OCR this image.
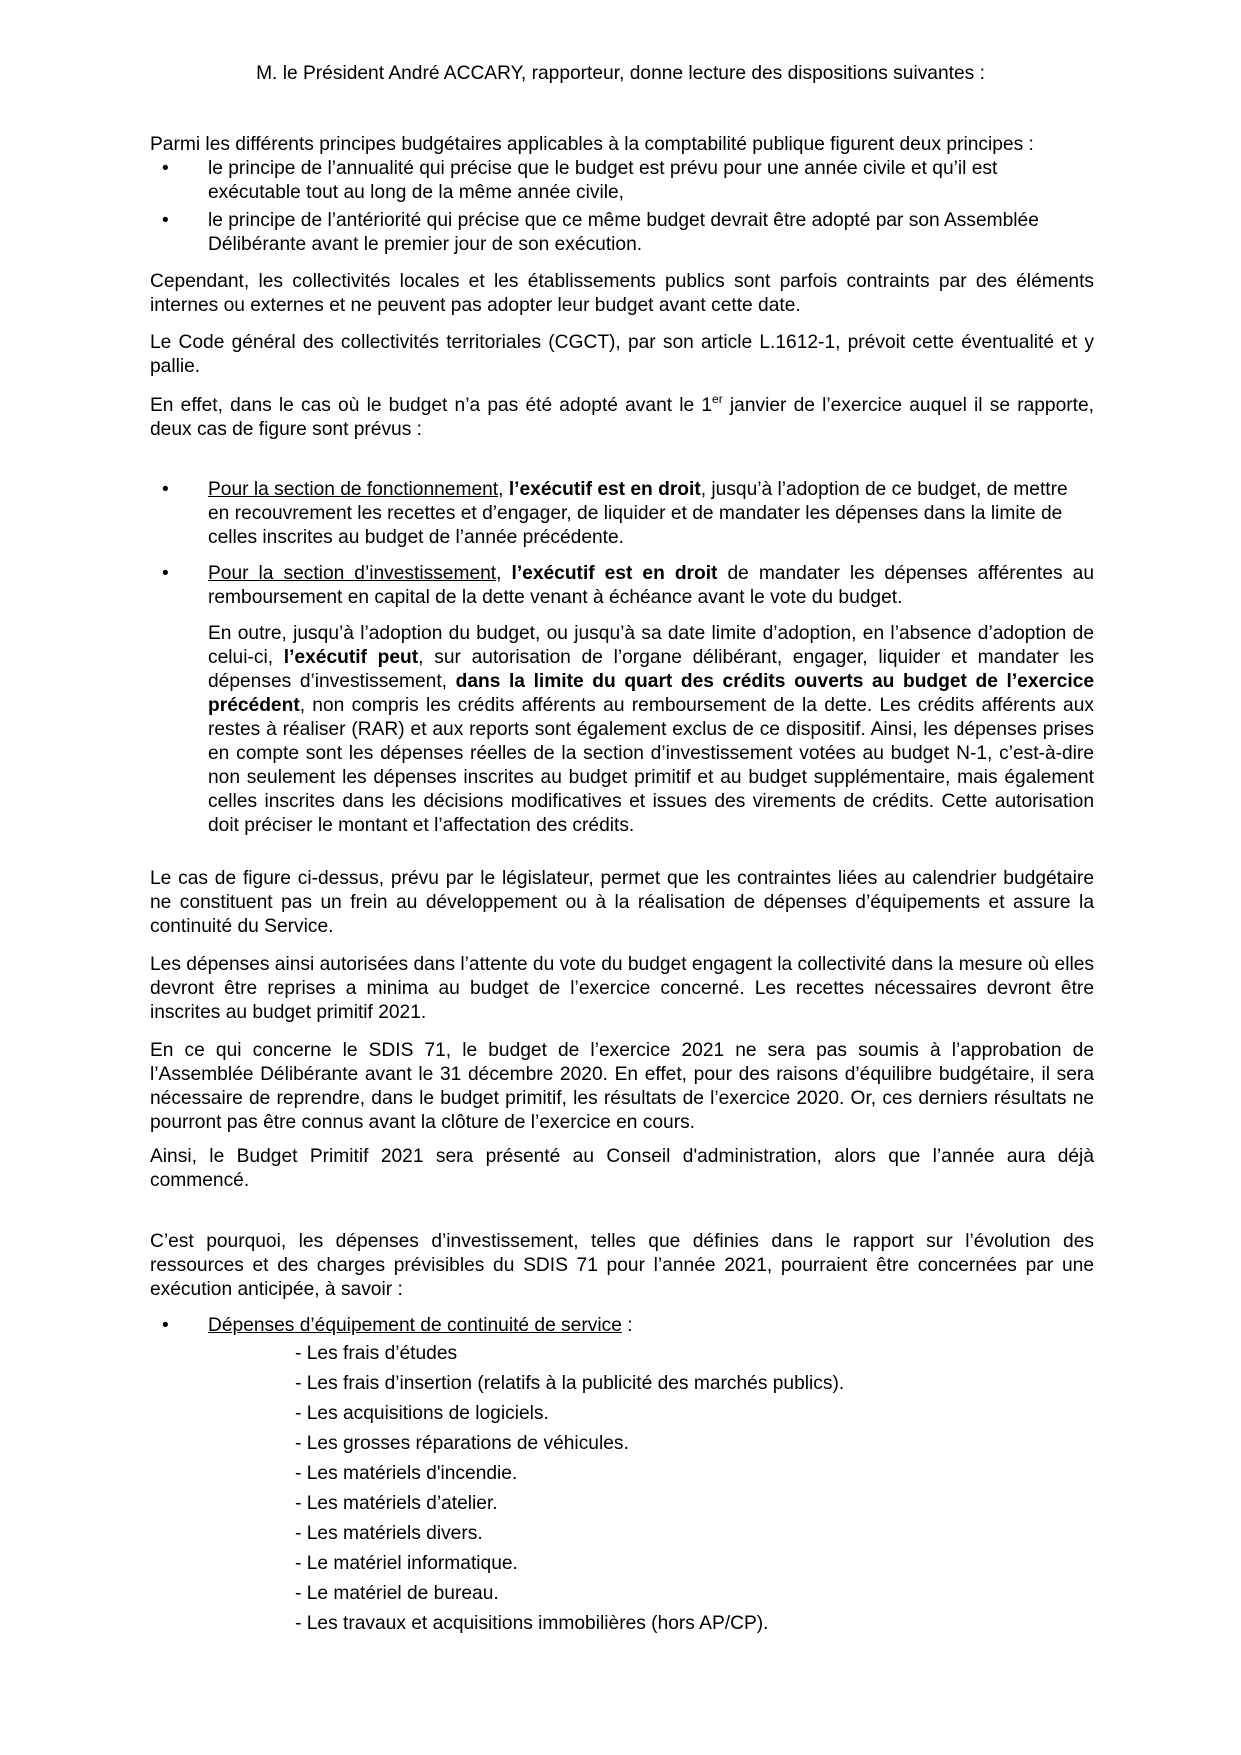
M. le Président André ACCARY, rapporteur, donne lecture des dispositions suivantes :

Parmi les différents principes budgétaires applicables à la comptabilité publique figurent deux principes :

• le principe de l’annualité qui précise que le budget est prévu pour une année civile et qu’il est exécutable tout au long de la même année civile,

• le principe de l’antériorité qui précise que ce même budget devrait être adopté par son Assemblée Délibérante avant le premier jour de son exécution.

Cependant, les collectivités locales et les établissements publics sont parfois contraints par des éléments internes ou externes et ne peuvent pas adopter leur budget avant cette date.

Le Code général des collectivités territoriales (CGCT), par son article L.1612-1, prévoit cette éventualité et y pallie.

En effet, dans le cas où le budget n’a pas été adopté avant le 1er janvier de l’exercice auquel il se rapporte, deux cas de figure sont prévus :

• Pour la section de fonctionnement, l’exécutif est en droit, jusqu’à l’adoption de ce budget, de mettre en recouvrement les recettes et d’engager, de liquider et de mandater les dépenses dans la limite de celles inscrites au budget de l’année précédente.

• Pour la section d’investissement, l’exécutif est en droit de mandater les dépenses afférentes au remboursement en capital de la dette venant à échéance avant le vote du budget.

En outre, jusqu’à l’adoption du budget, ou jusqu’à sa date limite d’adoption, en l’absence d’adoption de celui-ci, l’exécutif peut, sur autorisation de l’organe délibérant, engager, liquider et mandater les dépenses d’investissement, dans la limite du quart des crédits ouverts au budget de l’exercice précédent, non compris les crédits afférents au remboursement de la dette. Les crédits afférents aux restes à réaliser (RAR) et aux reports sont également exclus de ce dispositif. Ainsi, les dépenses prises en compte sont les dépenses réelles de la section d’investissement votées au budget N-1, c’est-à-dire non seulement les dépenses inscrites au budget primitif et au budget supplémentaire, mais également celles inscrites dans les décisions modificatives et issues des virements de crédits. Cette autorisation doit préciser le montant et l’affectation des crédits.

Le cas de figure ci-dessus, prévu par le législateur, permet que les contraintes liées au calendrier budgétaire ne constituent pas un frein au développement ou à la réalisation de dépenses d’équipements et assure la continuité du Service.

Les dépenses ainsi autorisées dans l’attente du vote du budget engagent la collectivité dans la mesure où elles devront être reprises a minima au budget de l’exercice concerné. Les recettes nécessaires devront être inscrites au budget primitif 2021.

En ce qui concerne le SDIS 71, le budget de l’exercice 2021 ne sera pas soumis à l’approbation de l’Assemblée Délibérante avant le 31 décembre 2020. En effet, pour des raisons d’équilibre budgétaire, il sera nécessaire de reprendre, dans le budget primitif, les résultats de l’exercice 2020. Or, ces derniers résultats ne pourront pas être connus avant la clôture de l’exercice en cours.

Ainsi, le Budget Primitif 2021 sera présenté au Conseil d'administration, alors que l’année aura déjà commencé.

C’est pourquoi, les dépenses d’investissement, telles que définies dans le rapport sur l’évolution des ressources et des charges prévisibles du SDIS 71 pour l’année 2021, pourraient être concernées par une exécution anticipée, à savoir :

• Dépenses d’équipement de continuité de service :

- Les frais d’études
- Les frais d’insertion (relatifs à la publicité des marchés publics).
- Les acquisitions de logiciels.
- Les grosses réparations de véhicules.
- Les matériels d'incendie.
- Les matériels d’atelier.
- Les matériels divers.
- Le matériel informatique.
- Le matériel de bureau.
- Les travaux et acquisitions immobilières (hors AP/CP).
